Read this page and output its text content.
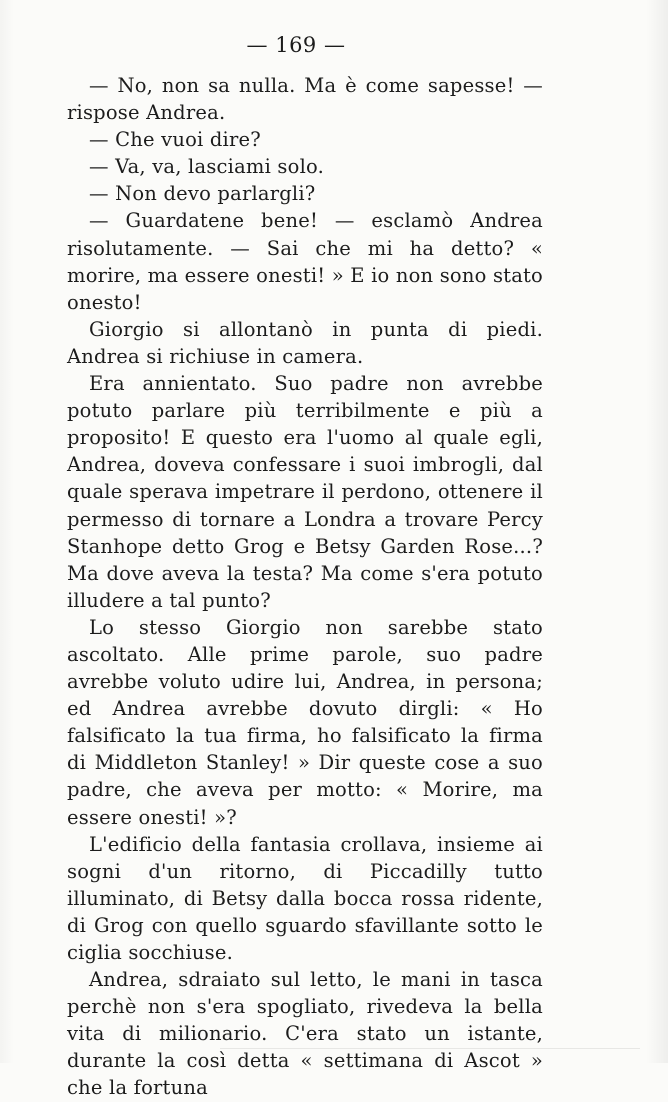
— 169 —

— No, non sa nulla. Ma è come sapesse! — rispose Andrea.

— Che vuoi dire?

— Va, va, lasciami solo.

— Non devo parlargli?

— Guardatene bene! — esclamò Andrea risolutamente. — Sai che mi ha detto? « morire, ma essere onesti! » E io non sono stato onesto!

Giorgio si allontanò in punta di piedi. Andrea si richiuse in camera.

Era annientato. Suo padre non avrebbe potuto parlare più terribilmente e più a proposito! E questo era l'uomo al quale egli, Andrea, doveva confessare i suoi imbrogli, dal quale sperava impetrare il perdono, ottenere il permesso di tornare a Londra a trovare Percy Stanhope detto Grog e Betsy Garden Rose...? Ma dove aveva la testa? Ma come s'era potuto illudere a tal punto?

Lo stesso Giorgio non sarebbe stato ascoltato. Alle prime parole, suo padre avrebbe voluto udire lui, Andrea, in persona; ed Andrea avrebbe dovuto dirgli: « Ho falsificato la tua firma, ho falsificato la firma di Middleton Stanley! » Dir queste cose a suo padre, che aveva per motto: « Morire, ma essere onesti! »?

L'edificio della fantasia crollava, insieme ai sogni d'un ritorno, di Piccadilly tutto illuminato, di Betsy dalla bocca rossa ridente, di Grog con quello sguardo sfavillante sotto le ciglia socchiuse.

Andrea, sdraiato sul letto, le mani in tasca perchè non s'era spogliato, rivedeva la bella vita di milionario. C'era stato un istante, durante la così detta « settimana di Ascot » che la fortuna
